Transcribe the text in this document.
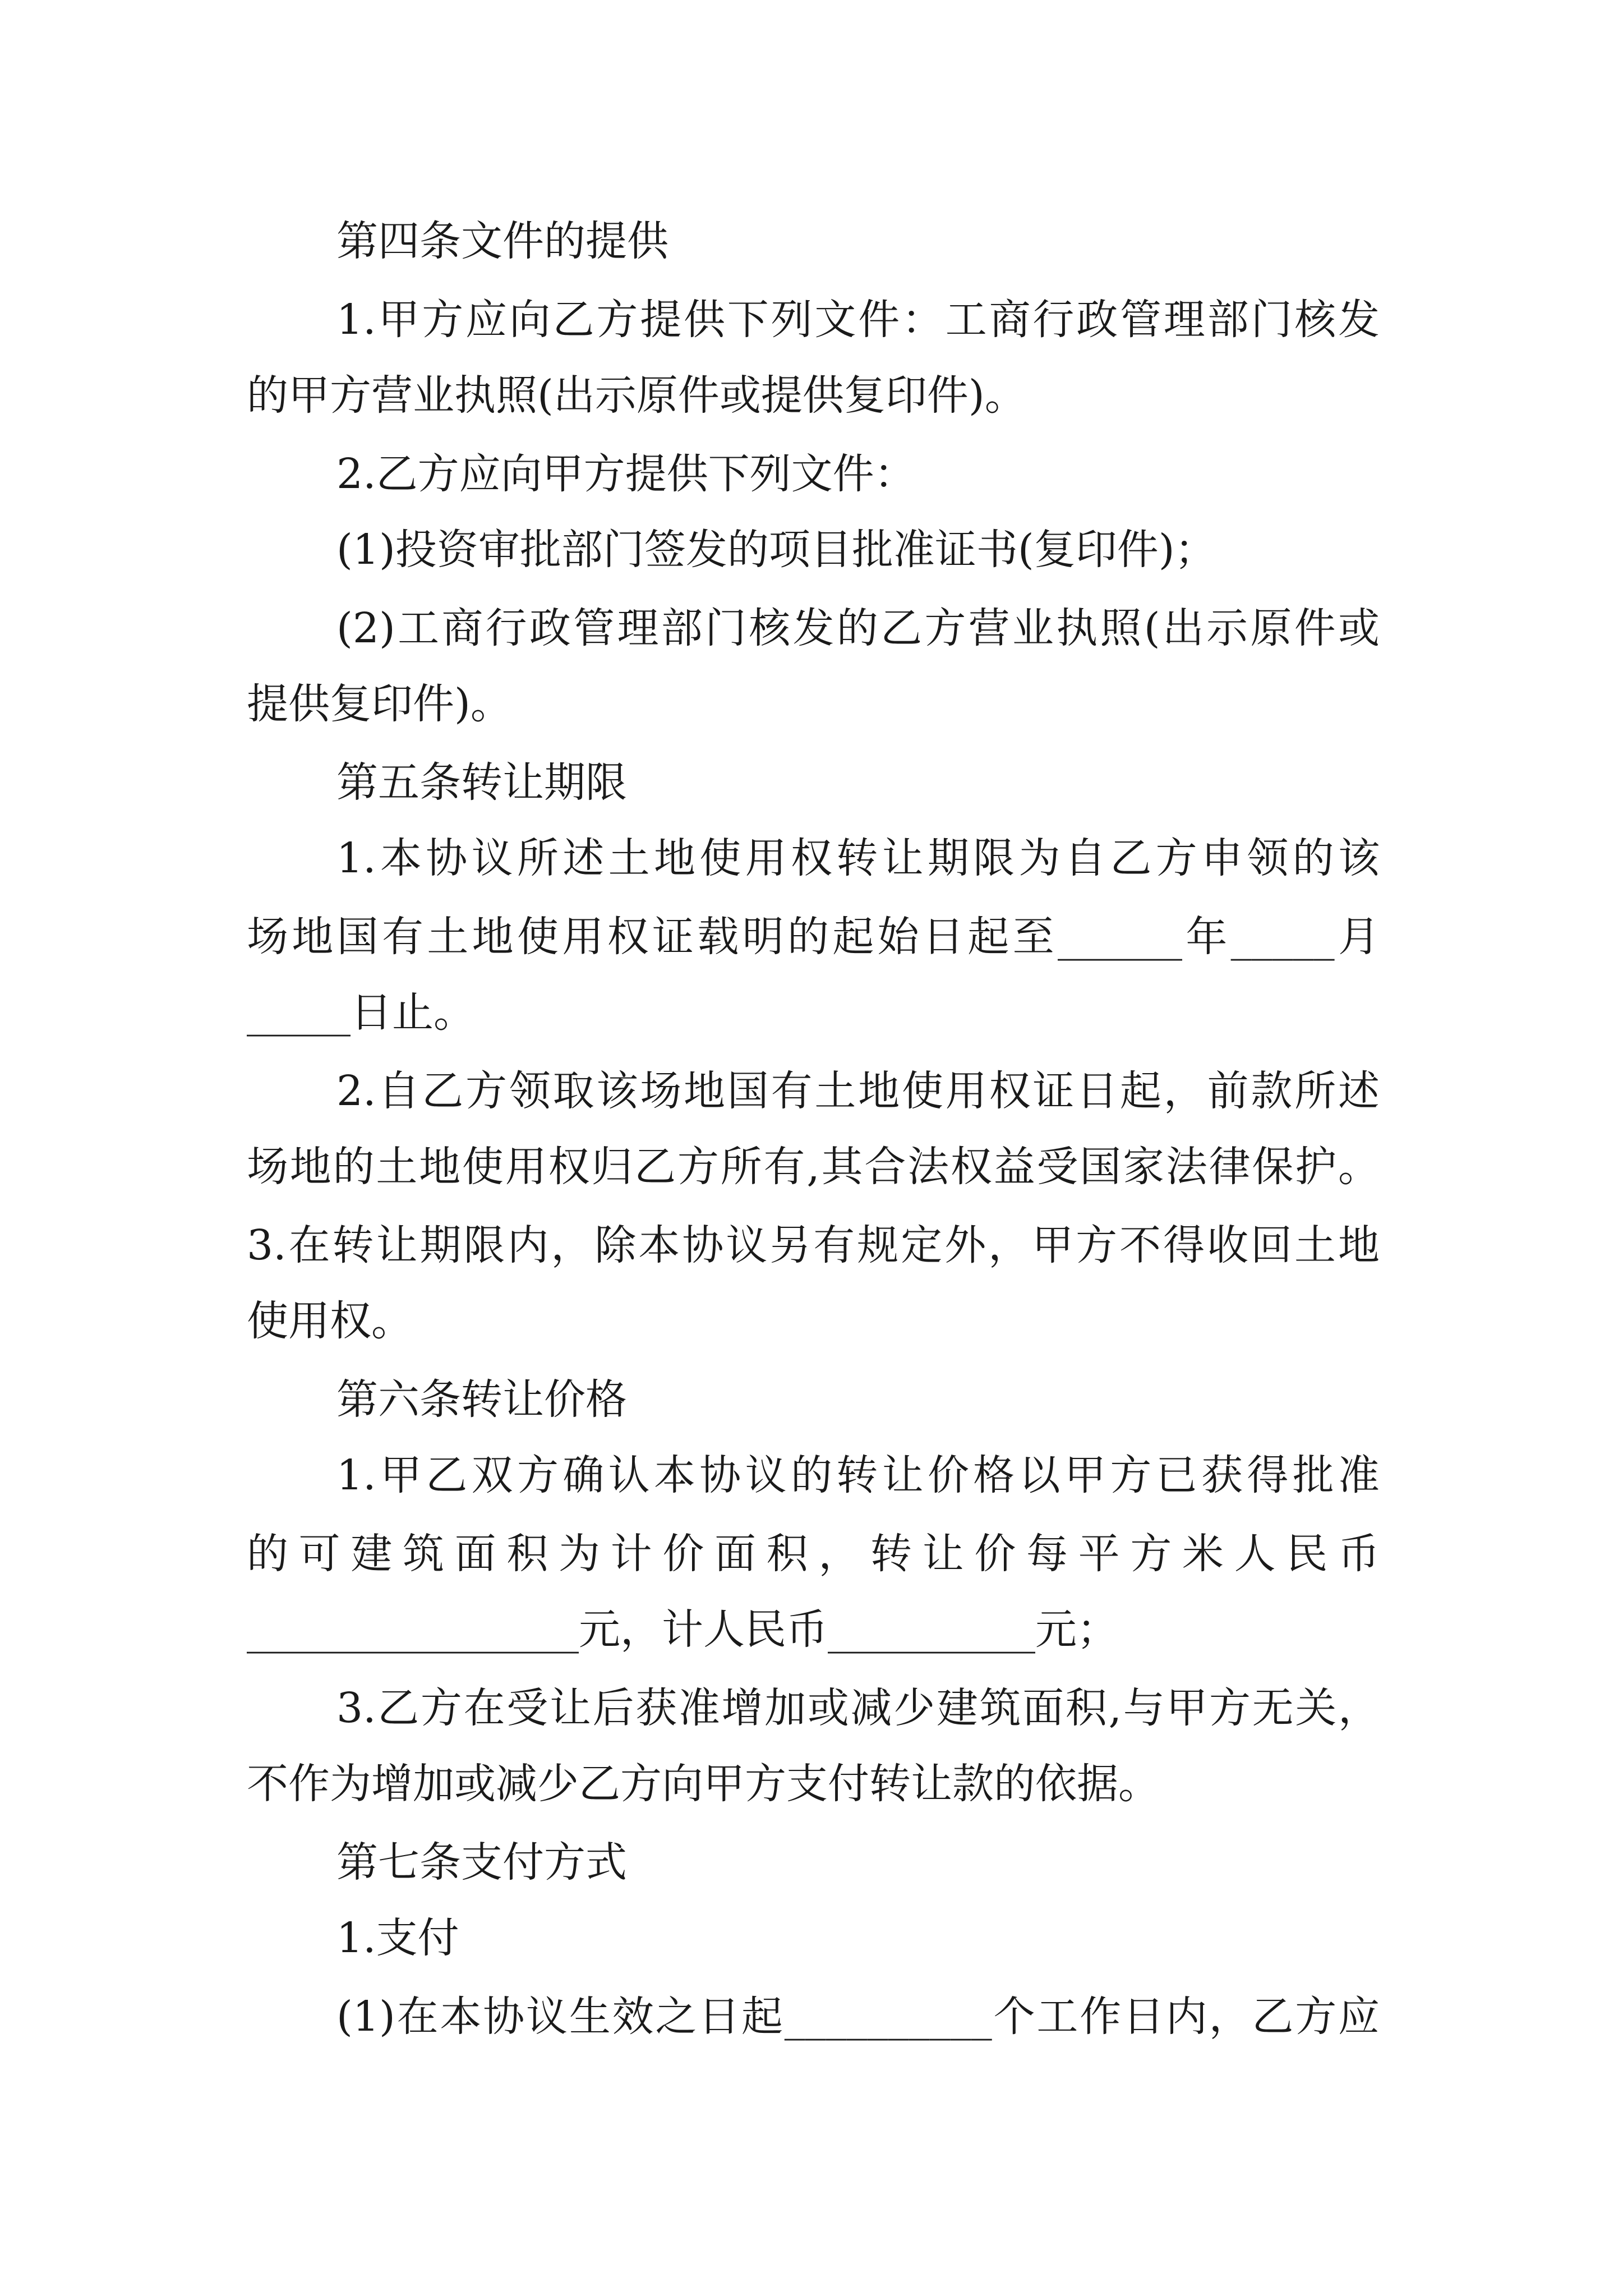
第四条文件的提供
1.甲方应向乙方提供下列文件：工商行政管理部门核发
的甲方营业执照(出示原件或提供复印件)。
2.乙方应向甲方提供下列文件：
(1)投资审批部门签发的项目批准证书(复印件)；
(2)工商行政管理部门核发的乙方营业执照(出示原件或
提供复印件)。
第五条转让期限
1.本协议所述土地使用权转让期限为自乙方申领的该
场地国有土地使用权证载明的起始日起至______年_____月
_____日止。
2.自乙方领取该场地国有土地使用权证日起，前款所述
场地的土地使用权归乙方所有,其合法权益受国家法律保护。
3.在转让期限内，除本协议另有规定外，甲方不得收回土地
使用权。
第六条转让价格
1.甲乙双方确认本协议的转让价格以甲方已获得批准
的可建筑面积为计价面积，转让价每平方米人民币
________________元，计人民币__________元；
3.乙方在受让后获准增加或减少建筑面积,与甲方无关，
不作为增加或减少乙方向甲方支付转让款的依据。
第七条支付方式
1.支付
(1)在本协议生效之日起__________个工作日内，乙方应
